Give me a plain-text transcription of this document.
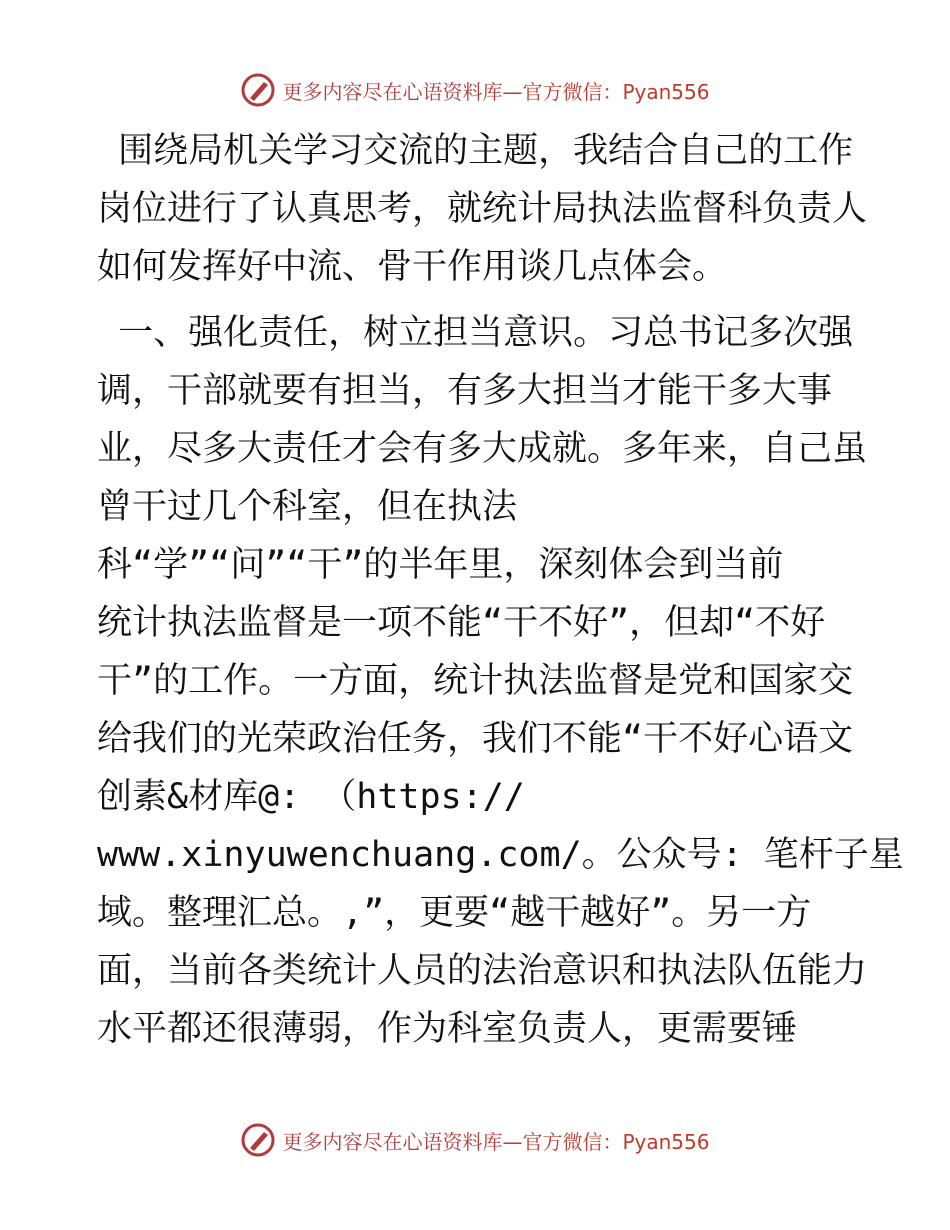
更多内容尽在心语资料库 —官方微信：Pyan556
围绕局机关学习交流的主题，我结合自己的工作
岗位进行了认真思考，就统计局执法监督科负责人
如何发挥好中流、骨干作用谈几点体会。
一、强化责任，树立担当意识。习总书记多次强
调，干部就要有担当，有多大担当才能干多大事
业，尽多大责任才会有多大成就。多年来，自己虽
曾干过几个科室，但在执法
科“学”“问”“干”的半年里，深刻体会到当前
统计执法监督是一项不能“干不好”，但却“不好
干”的工作。一方面，统计执法监督是党和国家交
给我们的光荣政治任务，我们不能“干不好心语文
创素&材库@: （https://
www.xinyuwenchuang.com/。公众号: 笔杆子星
域。整理汇总。,”，更要“越干越好”。另一方
面，当前各类统计人员的法治意识和执法队伍能力
水平都还很薄弱，作为科室负责人，更需要锤
更多内容尽在心语资料库 —官方微信：Pyan556
